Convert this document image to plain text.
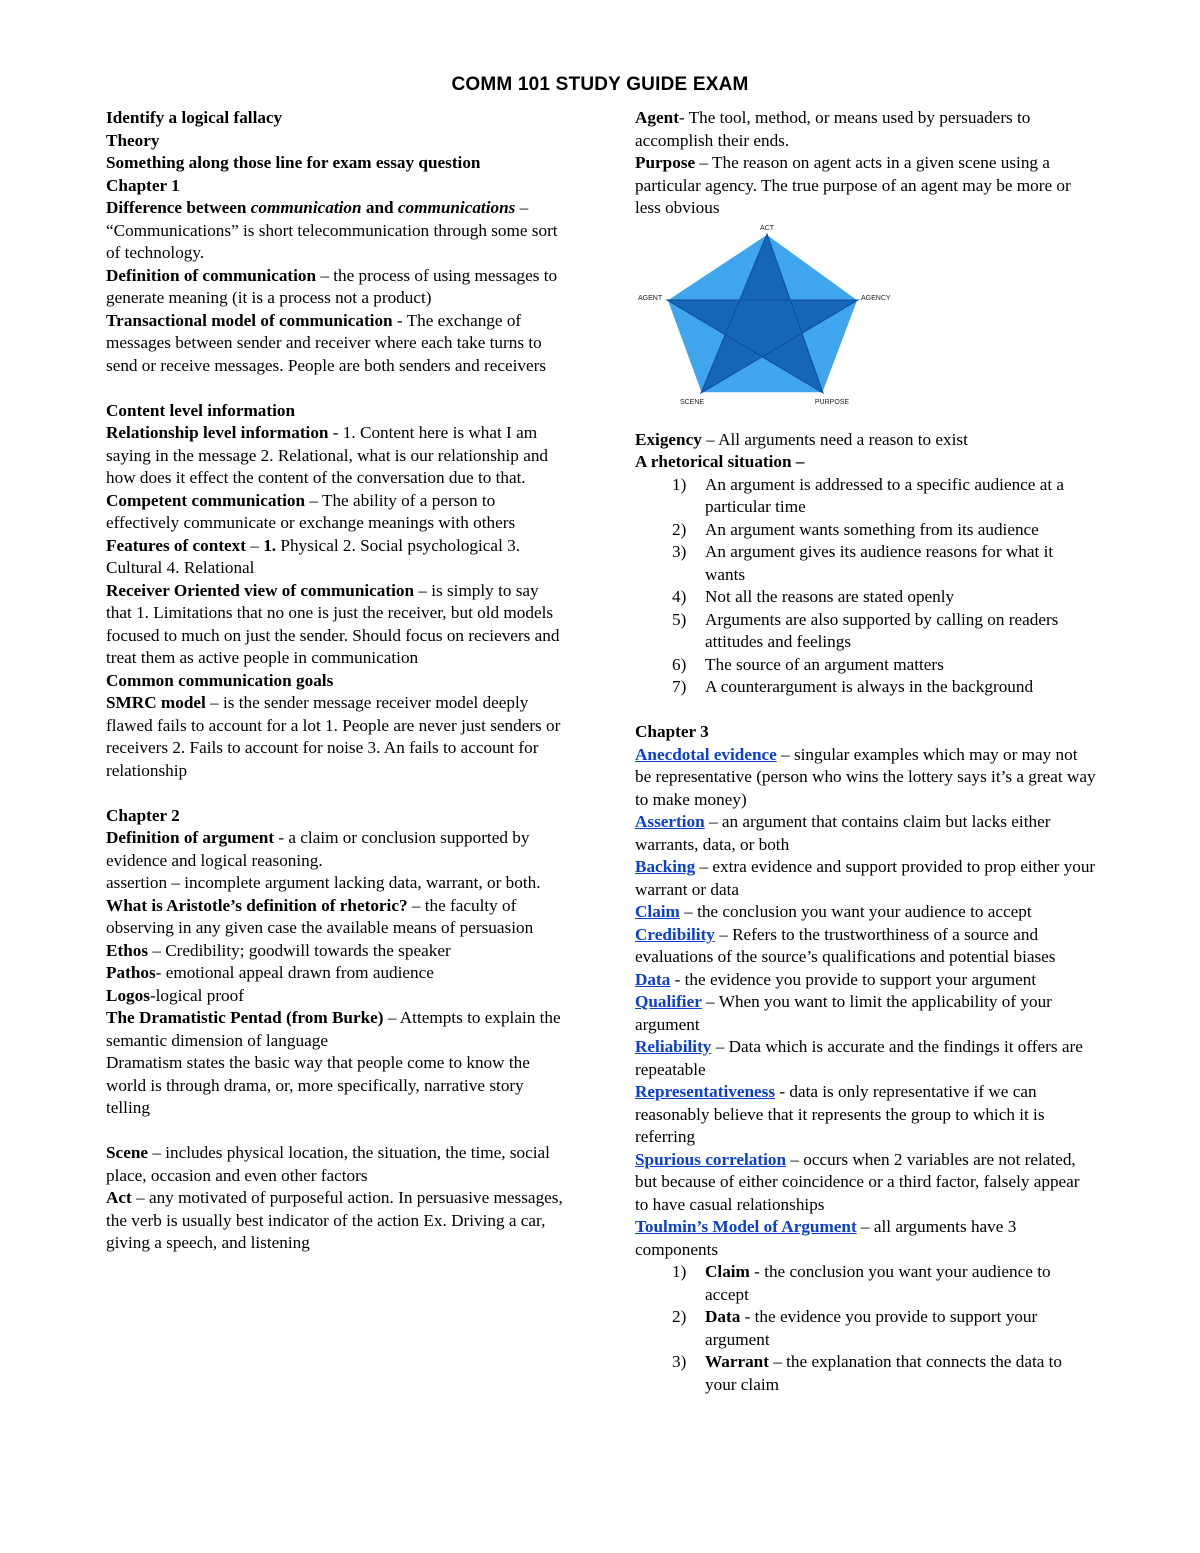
COMM 101 STUDY GUIDE EXAM

Identify a logical fallacy

Theory

Something along those line for exam essay question

Chapter 1

Difference between communication and communications – “Communications” is short telecommunication through some sort of technology.

Definition of communication – the process of using messages to generate meaning (it is a process not a product)

Transactional model of communication - The exchange of messages between sender and receiver where each take turns to send or receive messages. People are both senders and receivers

Content level information

Relationship level information - 1. Content here is what I am saying in the message 2. Relational, what is our relationship and how does it effect the content of the conversation due to that.

Competent communication – The ability of a person to effectively communicate or exchange meanings with others

Features of context – 1. Physical 2. Social psychological 3. Cultural 4. Relational

Receiver Oriented view of communication – is simply to say that 1. Limitations that no one is just the receiver, but old models focused to much on just the sender. Should focus on recievers and treat them as active people in communication

Common communication goals

SMRC model – is the sender message receiver model deeply flawed fails to account for a lot 1. People are never just senders or receivers 2. Fails to account for noise 3. An fails to account for relationship

Chapter 2

Definition of argument - a claim or conclusion supported by evidence and logical reasoning.

assertion – incomplete argument lacking data, warrant, or both.

What is Aristotle’s definition of rhetoric? – the faculty of observing in any given case the available means of persuasion

Ethos – Credibility; goodwill towards the speaker

Pathos- emotional appeal drawn from audience

Logos-logical proof

The Dramatistic Pentad (from Burke) – Attempts to explain the semantic dimension of language

Dramatism states the basic way that people come to know the world is through drama, or, more specifically, narrative story telling

Scene – includes physical location, the situation, the time, social place, occasion and even other factors

Act – any motivated of purposeful action. In persuasive messages, the verb is usually best indicator of the action Ex. Driving a car, giving a speech, and listening

Agent- The tool, method, or means used by persuaders to accomplish their ends.

Purpose – The reason on agent acts in a given scene using a particular agency. The true purpose of an agent may be more or less obvious

ACT
AGENT	AGENCY
SCENE	PURPOSE

Exigency – All arguments need a reason to exist

A rhetorical situation –

1) An argument is addressed to a specific audience at a particular time
2) An argument wants something from its audience
3) An argument gives its audience reasons for what it wants
4) Not all the reasons are stated openly
5) Arguments are also supported by calling on readers attitudes and feelings
6) The source of an argument matters
7) A counterargument is always in the background

Chapter 3

Anecdotal evidence – singular examples which may or may not be representative (person who wins the lottery says it’s a great way to make money)

Assertion – an argument that contains claim but lacks either warrants, data, or both

Backing – extra evidence and support provided to prop either your warrant or data

Claim – the conclusion you want your audience to accept

Credibility – Refers to the trustworthiness of a source and evaluations of the source’s qualifications and potential biases

Data - the evidence you provide to support your argument

Qualifier – When you want to limit the applicability of your argument

Reliability – Data which is accurate and the findings it offers are repeatable

Representativeness - data is only representative if we can reasonably believe that it represents the group to which it is referring

Spurious correlation – occurs when 2 variables are not related, but because of either coincidence or a third factor, falsely appear to have casual relationships

Toulmin’s Model of Argument – all arguments have 3 components

1) Claim - the conclusion you want your audience to accept
2) Data - the evidence you provide to support your argument
3) Warrant – the explanation that connects the data to your claim
